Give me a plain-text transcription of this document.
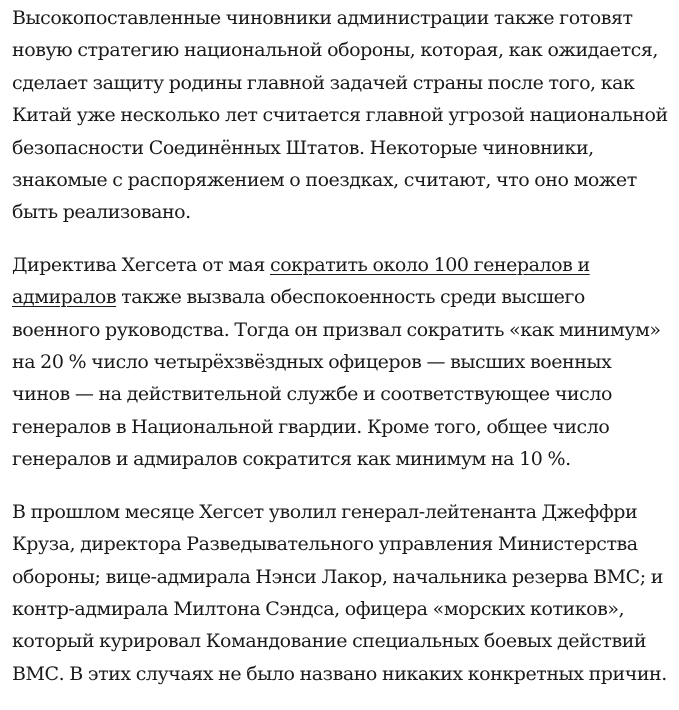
Высокопоставленные чиновники администрации также готовят новую стратегию национальной обороны, которая, как ожидается, сделает защиту родины главной задачей страны после того, как Китай уже несколько лет считается главной угрозой национальной безопасности Соединённых Штатов. Некоторые чиновники, знакомые с распоряжением о поездках, считают, что оно может быть реализовано.

Директива Хегсета от мая сократить около 100 генералов и адмиралов также вызвала обеспокоенность среди высшего военного руководства. Тогда он призвал сократить «как минимум» на 20 % число четырёхзвёздных офицеров — высших военных чинов — на действительной службе и соответствующее число генералов в Национальной гвардии. Кроме того, общее число генералов и адмиралов сократится как минимум на 10 %.

В прошлом месяце Хегсет уволил генерал-лейтенанта Джеффри Круза, директора Разведывательного управления Министерства обороны; вице-адмирала Нэнси Лакор, начальника резерва ВМС; и контр-адмирала Милтона Сэндса, офицера «морских котиков», который курировал Командование специальных боевых действий ВМС. В этих случаях не было названо никаких конкретных причин.
